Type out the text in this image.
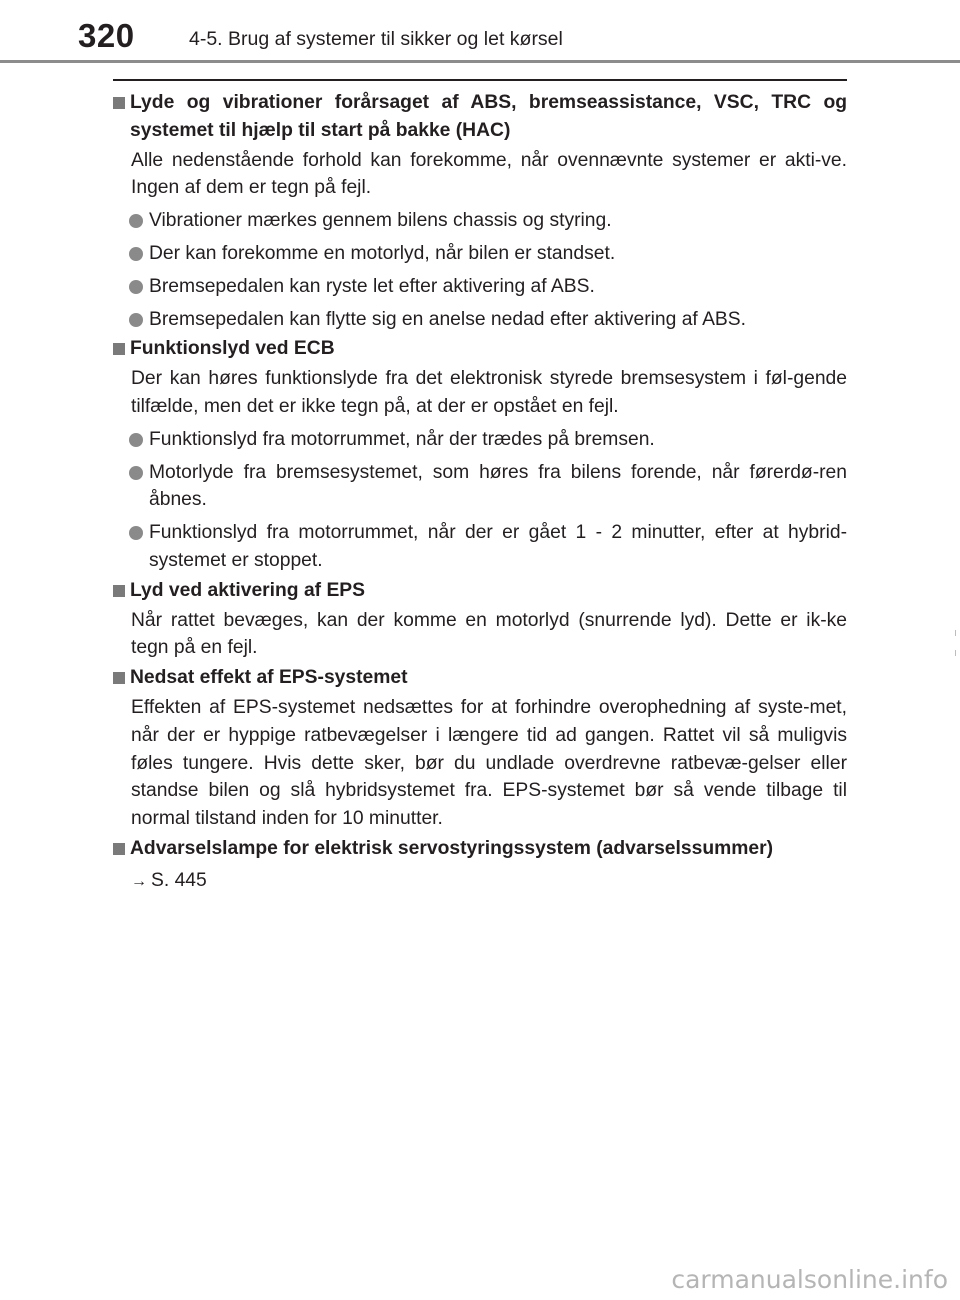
320	4-5. Brug af systemer til sikker og let kørsel
Lyde og vibrationer forårsaget af ABS, bremseassistance, VSC, TRC og systemet til hjælp til start på bakke (HAC)
Alle nedenstående forhold kan forekomme, når ovennævnte systemer er akti-ve. Ingen af dem er tegn på fejl.
Vibrationer mærkes gennem bilens chassis og styring.
Der kan forekomme en motorlyd, når bilen er standset.
Bremsepedalen kan ryste let efter aktivering af ABS.
Bremsepedalen kan flytte sig en anelse nedad efter aktivering af ABS.
Funktionslyd ved ECB
Der kan høres funktionslyde fra det elektronisk styrede bremsesystem i føl-gende tilfælde, men det er ikke tegn på, at der er opstået en fejl.
Funktionslyd fra motorrummet, når der trædes på bremsen.
Motorlyde fra bremsesystemet, som høres fra bilens forende, når førerdø-ren åbnes.
Funktionslyd fra motorrummet, når der er gået 1 - 2 minutter, efter at hybrid-systemet er stoppet.
Lyd ved aktivering af EPS
Når rattet bevæges, kan der komme en motorlyd (snurrende lyd). Dette er ik-ke tegn på en fejl.
Nedsat effekt af EPS-systemet
Effekten af EPS-systemet nedsættes for at forhindre overophedning af syste-met, når der er hyppige ratbevægelser i længere tid ad gangen. Rattet vil så muligvis føles tungere. Hvis dette sker, bør du undlade overdrevne ratbevæ-gelser eller standse bilen og slå hybridsystemet fra. EPS-systemet bør så vende tilbage til normal tilstand inden for 10 minutter.
Advarselslampe for elektrisk servostyringssystem (advarselssummer)
→ S. 445
carmanualsonline.info
